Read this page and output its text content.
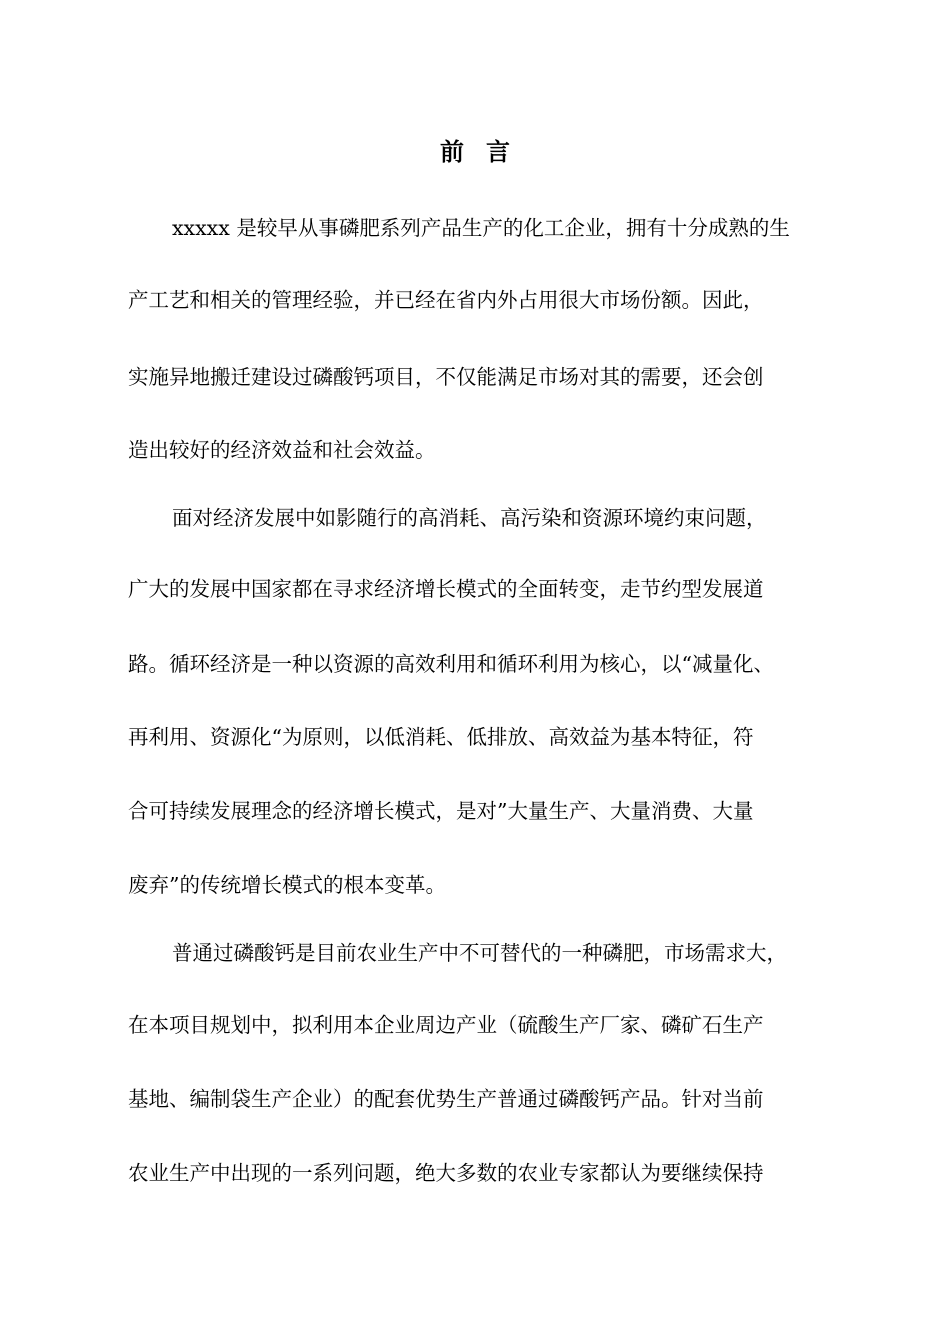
前 言
xxxxx 是较早从事磷肥系列产品生产的化工企业，拥有十分成熟的生
产工艺和相关的管理经验，并已经在省内外占用很大市场份额。因此，
实施异地搬迁建设过磷酸钙项目，不仅能满足市场对其的需要，还会创
造出较好的经济效益和社会效益。
面对经济发展中如影随行的高消耗、高污染和资源环境约束问题，
广大的发展中国家都在寻求经济增长模式的全面转变，走节约型发展道
路。循环经济是一种以资源的高效利用和循环利用为核心，以“减量化、
再利用、资源化“为原则，以低消耗、低排放、高效益为基本特征，符
合可持续发展理念的经济增长模式，是对”大量生产、大量消费、大量
废弃”的传统增长模式的根本变革。
普通过磷酸钙是目前农业生产中不可替代的一种磷肥，市场需求大，
在本项目规划中，拟利用本企业周边产业（硫酸生产厂家、磷矿石生产
基地、编制袋生产企业）的配套优势生产普通过磷酸钙产品。针对当前
农业生产中出现的一系列问题，绝大多数的农业专家都认为要继续保持
